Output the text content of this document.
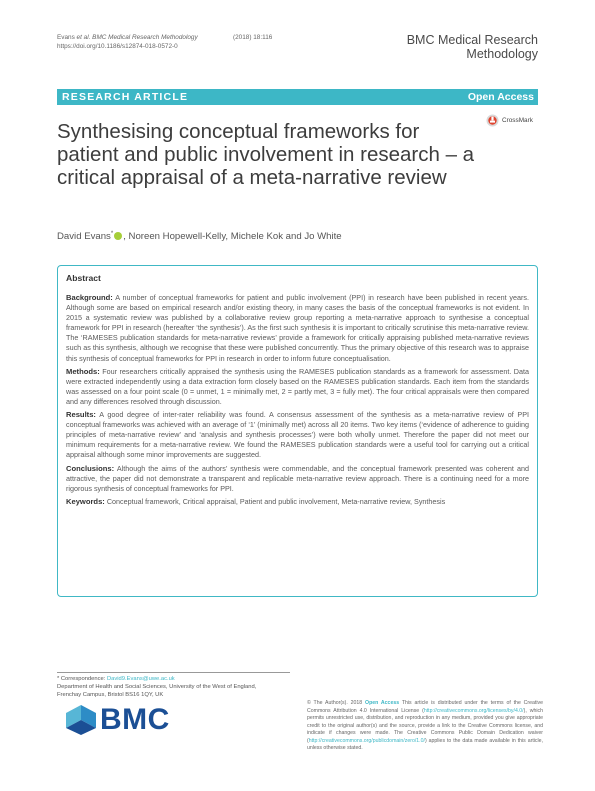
Evans et al. BMC Medical Research Methodology	(2018) 18:116
https://doi.org/10.1186/s12874-018-0572-0	BMC Medical Research
Methodology
RESEARCH ARTICLE	Open Access
Synthesising conceptual frameworks for patient and public involvement in research – a critical appraisal of a meta-narrative review
CrossMark
David Evans* , Noreen Hopewell-Kelly, Michele Kok and Jo White
Abstract

Background: A number of conceptual frameworks for patient and public involvement (PPI) in research have been published in recent years. Although some are based on empirical research and/or existing theory, in many cases the basis of the conceptual frameworks is not evident. In 2015 a systematic review was published by a collaborative review group reporting a meta-narrative approach to synthesise a conceptual framework for PPI in research (hereafter ‘the synthesis’). As the first such synthesis it is important to critically scrutinise this meta-narrative review. The ‘RAMESES publication standards for meta-narrative reviews’ provide a framework for critically appraising published meta-narrative reviews such as this synthesis, although we recognise that these were published concurrently. Thus the primary objective of this research was to appraise this synthesis of conceptual frameworks for PPI in research in order to inform future conceptualisation.

Methods: Four researchers critically appraised the synthesis using the RAMESES publication standards as a framework for assessment. Data were extracted independently using a data extraction form closely based on the RAMESES publication standards. Each item from the standards was assessed on a four point scale (0 = unmet, 1 = minimally met, 2 = partly met, 3 = fully met). The four critical appraisals were then compared and any differences resolved through discussion.

Results: A good degree of inter-rater reliability was found. A consensus assessment of the synthesis as a meta-narrative review of PPI conceptual frameworks was achieved with an average of ‘1’ (minimally met) across all 20 items. Two key items (‘evidence of adherence to guiding principles of meta-narrative review’ and ‘analysis and synthesis processes’) were both wholly unmet. Therefore the paper did not meet our minimum requirements for a meta-narrative review. We found the RAMESES publication standards were a useful tool for carrying out a critical appraisal although some minor improvements are suggested.

Conclusions: Although the aims of the authors’ synthesis were commendable, and the conceptual framework presented was coherent and attractive, the paper did not demonstrate a transparent and replicable meta-narrative review approach. There is a continuing need for a more rigorous synthesis of conceptual frameworks for PPI.

Keywords: Conceptual framework, Critical appraisal, Patient and public involvement, Meta-narrative review, Synthesis

* Correspondence: David9.Evans@uwe.ac.uk
Department of Health and Social Sciences, University of the West of England,
Frenchay Campus, Bristol BS16 1QY, UK
BMC	© The Author(s). 2018 Open Access This article is distributed under the terms of the Creative Commons Attribution 4.0 International License (http://creativecommons.org/licenses/by/4.0/), which permits unrestricted use, distribution, and reproduction in any medium, provided you give appropriate credit to the original author(s) and the source, provide a link to the Creative Commons license, and indicate if changes were made. The Creative Commons Public Domain Dedication waiver (http://creativecommons.org/publicdomain/zero/1.0/) applies to the data made available in this article, unless otherwise stated.
